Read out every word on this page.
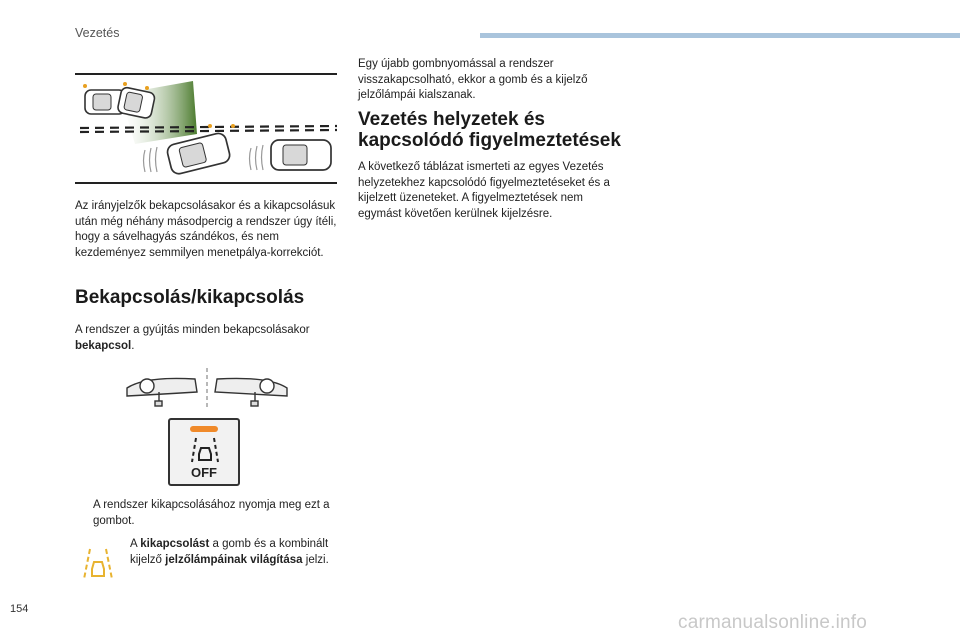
Vezetés
Az irányjelzők bekapcsolásakor és a kikapcsolásuk után még néhány másodpercig a rendszer úgy ítéli, hogy a sávelhagyás szándékos, és nem kezdeményez semmilyen menetpálya-korrekciót.
Bekapcsolás/kikapcsolás
A rendszer a gyújtás minden bekapcsolásakor bekapcsol.
OFF
A rendszer kikapcsolásához nyomja meg ezt a gombot.
A kikapcsolást a gomb és a kombinált kijelző jelzőlámpáinak világítása jelzi.
Egy újabb gombnyomással a rendszer visszakapcsolható, ekkor a gomb és a kijelző jelzőlámpái kialszanak.
Vezetés helyzetek és kapcsolódó figyelmeztetések
A következő táblázat ismerteti az egyes Vezetés helyzetekhez kapcsolódó figyelmeztetéseket és a kijelzett üzeneteket. A figyelmeztetések nem egymást követően kerülnek kijelzésre.
154
carmanualsonline.info
